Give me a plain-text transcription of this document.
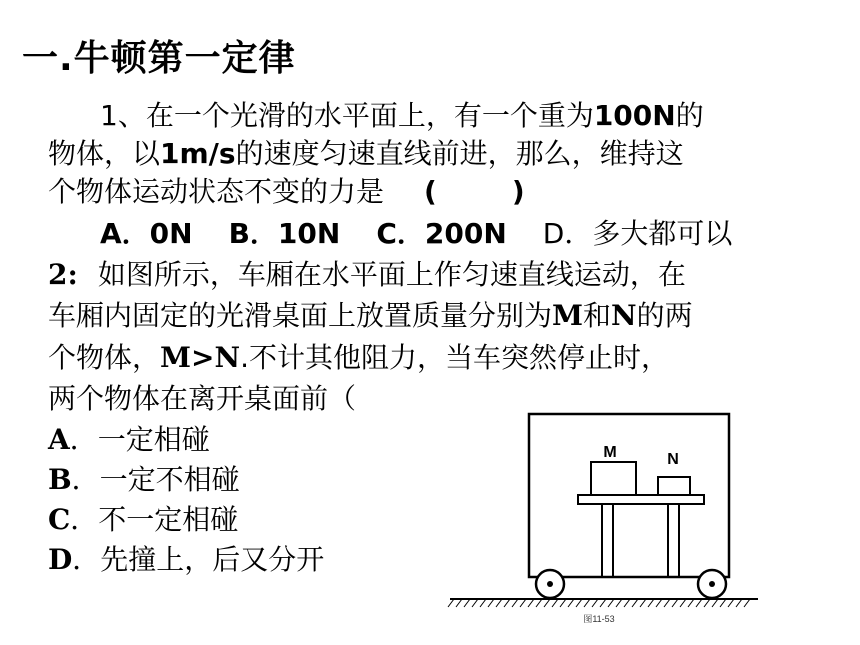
一.牛顿第一定律
1、在一个光滑的水平面上，有一个重为100N的
物体，以1m/s的速度匀速直线前进，那么，维持这
个物体运动状态不变的力是 (	)
A．0N B．10N C．200N D．多大都可以
2: 如图所示，车厢在水平面上作匀速直线运动，在
车厢内固定的光滑桌面上放置质量分别为M和N的两
个物体，M>N.不计其他阻力，当车突然停止时，
两个物体在离开桌面前（
A．一定相碰
B．一定不相碰
C．不一定相碰
D．先撞上，后又分开
M	N
图11-53
